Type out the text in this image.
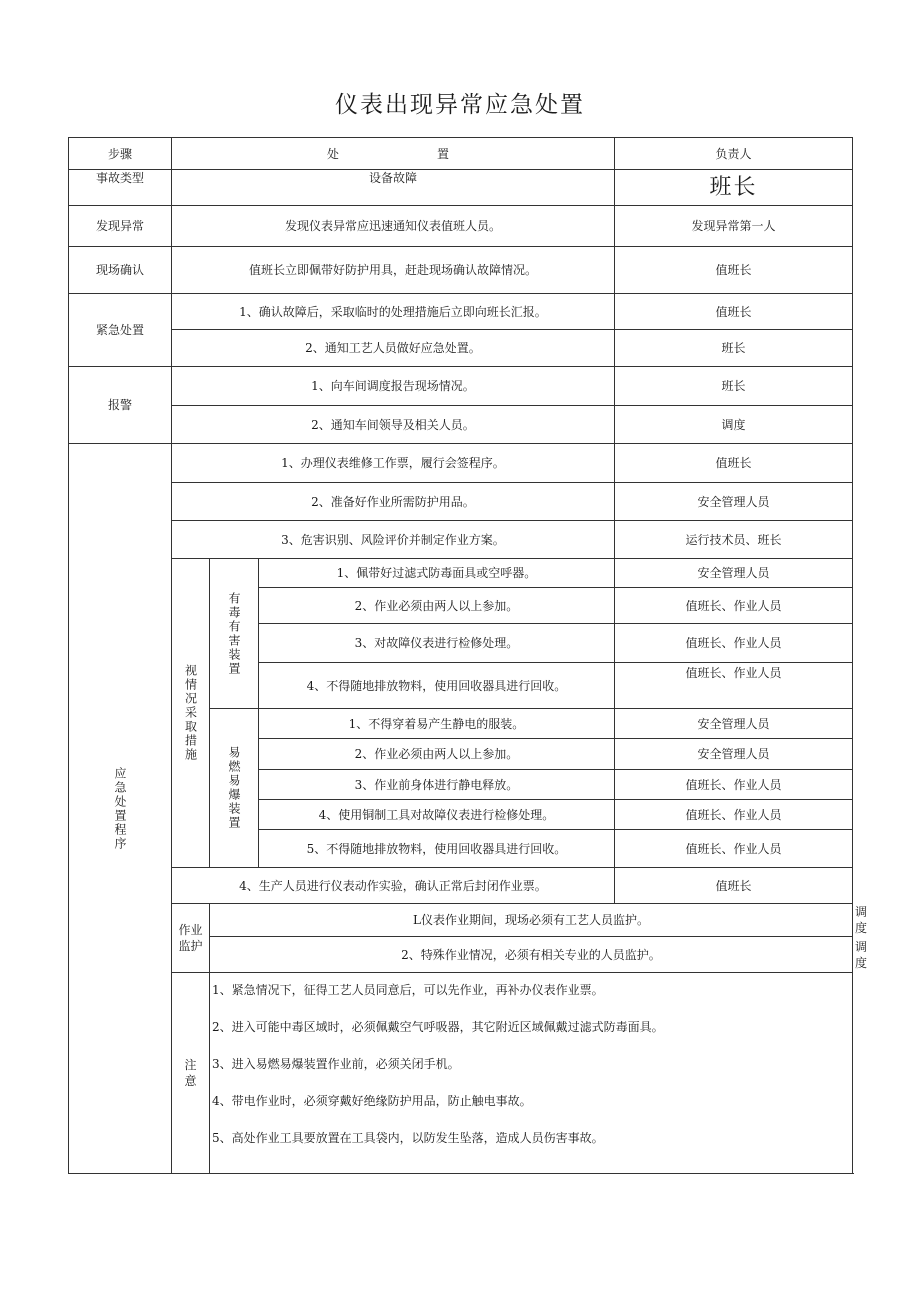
仪表出现异常应急处置
步骤	处　　　　置			负责人	
事故类型	设备故障			班长	
发现异常	发现仪表异常应迅速通知仪表值班人员。			发现异常第一人	
现场确认	值班长立即佩带好防护用具，赶赴现场确认故障情况。			值班长	
紧急处置	1、确认故障后，采取临时的处理措施后立即向班长汇报。			值班长	
	2、通知工艺人员做好应急处置。			班长	
报警	1、向车间调度报告现场情况。			班长	
	2、通知车间领导及相关人员。			调度	

应急处置程序	1、办理仪表维修工作票，履行会签程序。			值班长	
	2、准备好作业所需防护用品。			安全管理人员	
	3、危害识别、风险评价并制定作业方案。			运行技术员、班长	

	视情况采取措施	有毒有害装置	1、佩带好过滤式防毒面具或空呼器。	安全管理人员	
			2、作业必须由两人以上参加。	值班长、作业人员	
			3、对故障仪表进行检修处理。	值班长、作业人员	
			4、不得随地排放物料，使用回收器具进行回收。	值班长、作业人员	

		易燃易爆装置	1、不得穿着易产生静电的服装。	安全管理人员	
			2、作业必须由两人以上参加。	安全管理人员	
			3、作业前身体进行静电释放。	值班长、作业人员	
			4、使用铜制工具对故障仪表进行检修处理。	值班长、作业人员	
			5、不得随地排放物料，使用回收器具进行回收。	值班长、作业人员	
	4、生产人员进行仪表动作实验，确认正常后封闭作业票。			值班长	
	作业监护	L仪表作业期间，现场必须有工艺人员监护。			调度
		2、特殊作业情况，必须有相关专业的人员监护。			调度
	注　意	1、紧急情况下，征得工艺人员同意后，可以先作业，再补办仪表作业票。

2、进入可能中毒区域时，必须佩戴空气呼吸器，其它附近区域佩戴过滤式防毒面具。

3、进入易燃易爆装置作业前，必须关闭手机。

4、带电作业时，必须穿戴好绝缘防护用品，防止触电事故。

5、高处作业工具要放置在工具袋内，以防发生坠落，造成人员伤害事故。			
